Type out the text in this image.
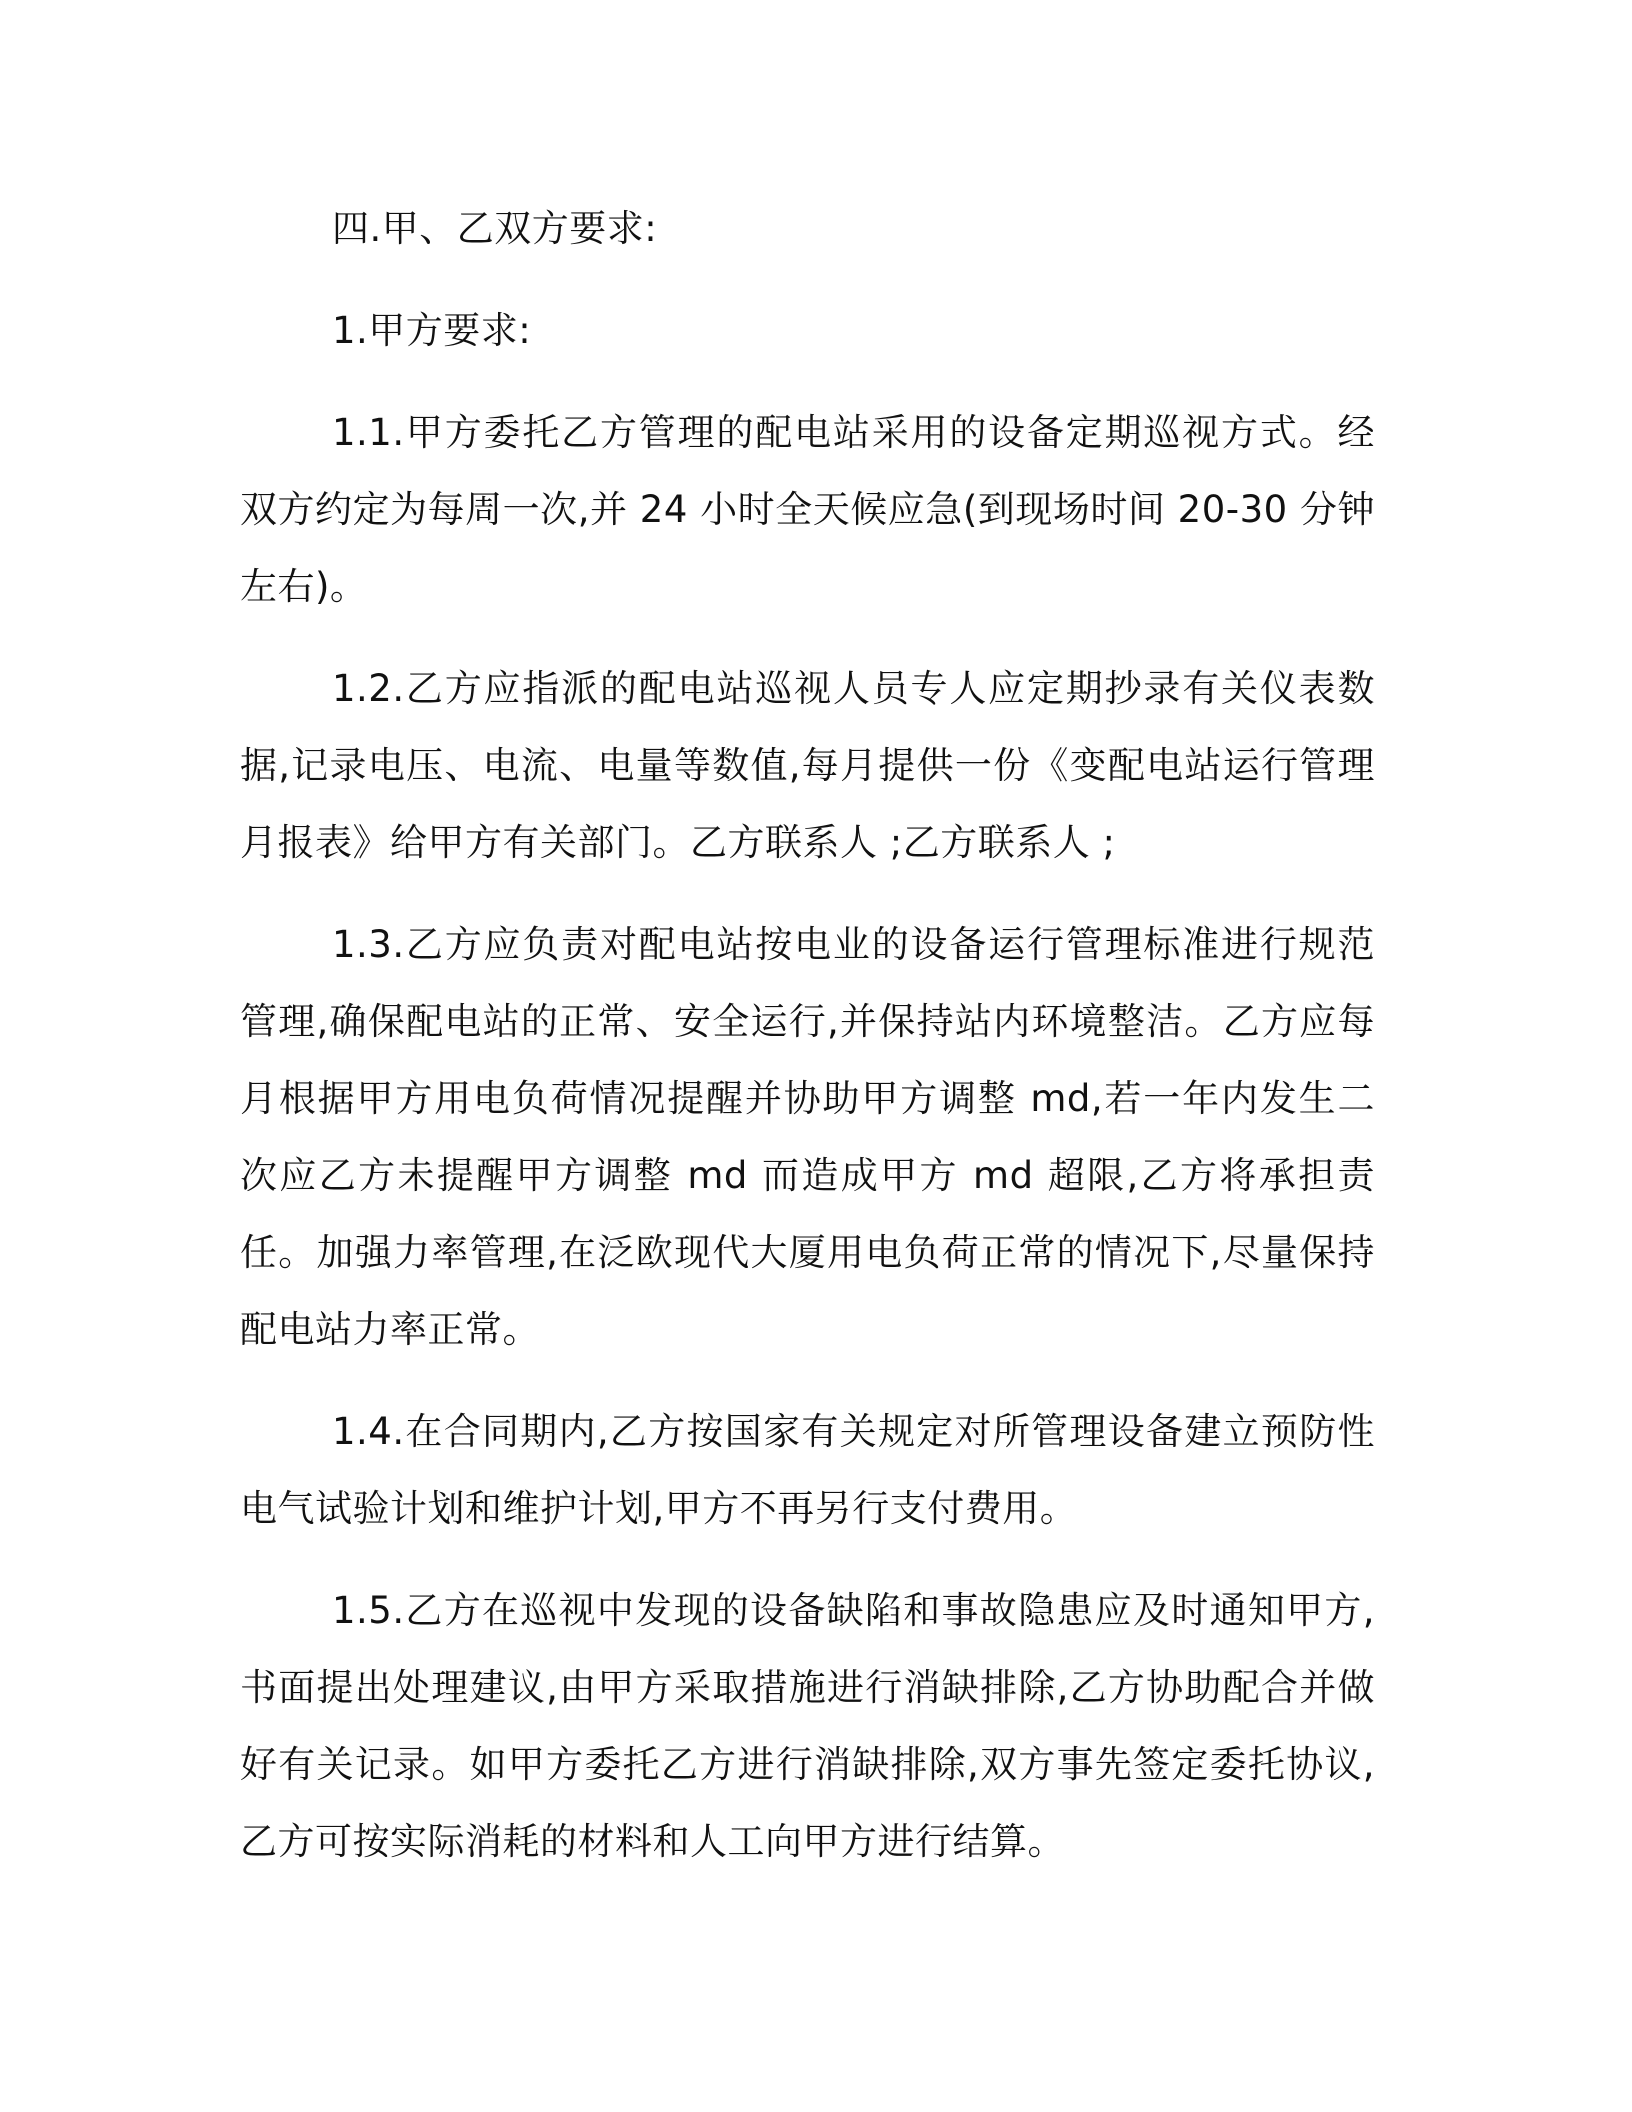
四.甲、乙双方要求:

1.甲方要求:

1.1.甲方委托乙方管理的配电站采用的设备定期巡视方式。经双方约定为每周一次,并 24 小时全天候应急(到现场时间 20-30 分钟左右)。

1.2.乙方应指派的配电站巡视人员专人应定期抄录有关仪表数据,记录电压、电流、电量等数值,每月提供一份《变配电站运行管理月报表》给甲方有关部门。乙方联系人 ;乙方联系人 ;

1.3.乙方应负责对配电站按电业的设备运行管理标准进行规范管理,确保配电站的正常、安全运行,并保持站内环境整洁。乙方应每月根据甲方用电负荷情况提醒并协助甲方调整 md,若一年内发生二次应乙方未提醒甲方调整 md 而造成甲方 md 超限,乙方将承担责任。加强力率管理,在泛欧现代大厦用电负荷正常的情况下,尽量保持配电站力率正常。

1.4.在合同期内,乙方按国家有关规定对所管理设备建立预防性电气试验计划和维护计划,甲方不再另行支付费用。

1.5.乙方在巡视中发现的设备缺陷和事故隐患应及时通知甲方,书面提出处理建议,由甲方采取措施进行消缺排除,乙方协助配合并做好有关记录。如甲方委托乙方进行消缺排除,双方事先签定委托协议,乙方可按实际消耗的材料和人工向甲方进行结算。
